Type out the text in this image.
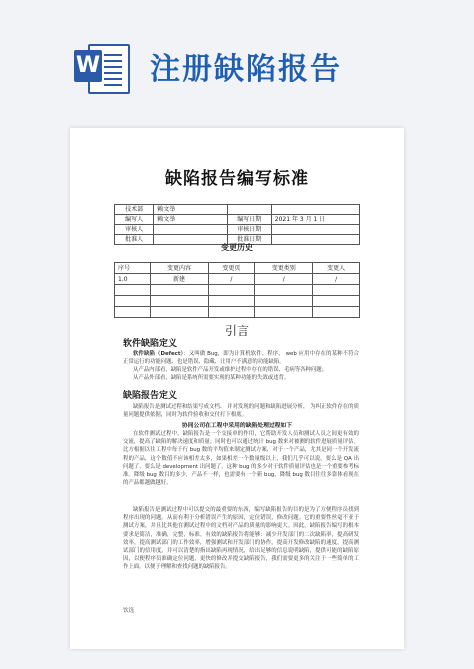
W 注册缺陷报告
缺陷报告编写标准
技术部	赖文举		
编写人	赖文举	编写日期	2021 年 3 月 1 日
审核人		审核日期	
批准人		批准日期	
变更历史
序号	变更内容	变更页	变更类别	变更人
1.0	新建	/	/	/

引言
软件缺陷定义
软件缺陷（Defect）：又叫做 Bug，即为计算机软件、程序、 web 应用中存在的某种不符合正常运行的功能问题、也是错误、隐藏、让用户不满意的功能缺陷。
从产品内部看，缺陷是软件产品开发或维护过程中存在的错误、毛病等各种问题；
从产品外部看，缺陷是系统所需要实现的某种功能的失效或违背。
缺陷报告定义
缺陷报告是测试过程和结果写成文档、 并对发现的问题和缺陷进展分析， 为纠正软件存在的质量问题提供依据，同时为软件验收和交付打下根底。
协同公司在工程中采用的缺陷处理过程如下
在软件测试过程中，缺陷报告是一个交接单的作用，它帮助开发人员和测试人员之间更有效的交流，提高了缺陷的解决速度和质量；同时也可以通过统计 bug 数来对被测的软件进展质量评估。 比方根据以往工程中每千行 bug 数的平均值来制定测试方案，对于一个产品，尤其是同一个开发流程的产品，这个数值不应该相差太多，如果相差一个数量级以上，我们几乎可以说，要么是 QA 出问题了，要么是 development 出问题了，这种 bug 的多少对于软件质量评估也是一个重要参考标准。降级 bug 数目的多少，产品不一样，也需要有一个新 bug，降级 bug 数目往往多靠体看现在的产品都越做越好。
缺陷报告是测试过程中可以提交的最重要的东西，编写缺陷报告的目的是为了方便程序员找到程序出现的问题。从而有利于分析错误产生的原因，定位错误，修改问题。它的重要性丝毫不亚于测试方案，并且比其他在测试过程中的文档对产品的质量的影响更大。因此，缺陷报告编写的根本要求是简洁，准确，完整，标准。有效的缺陷报告将能够：减少开发部门的二次缺陷率，提高研发效率，提高测试部门的工作效率，增强测试和开发部门的协作。提高开发修改缺陷的速度，提高测试部门的信用度，并可以清楚的指出缺陷再现情况，给出足够的信息说明缺陷，提供可能的缺陷原因，以便程序员准确定位问题，更快的修改并提交缺陷报告，我们需要更多的关注于一些简单的工作上面，以便于理解和查找问题的缺陷报告。
饮选
